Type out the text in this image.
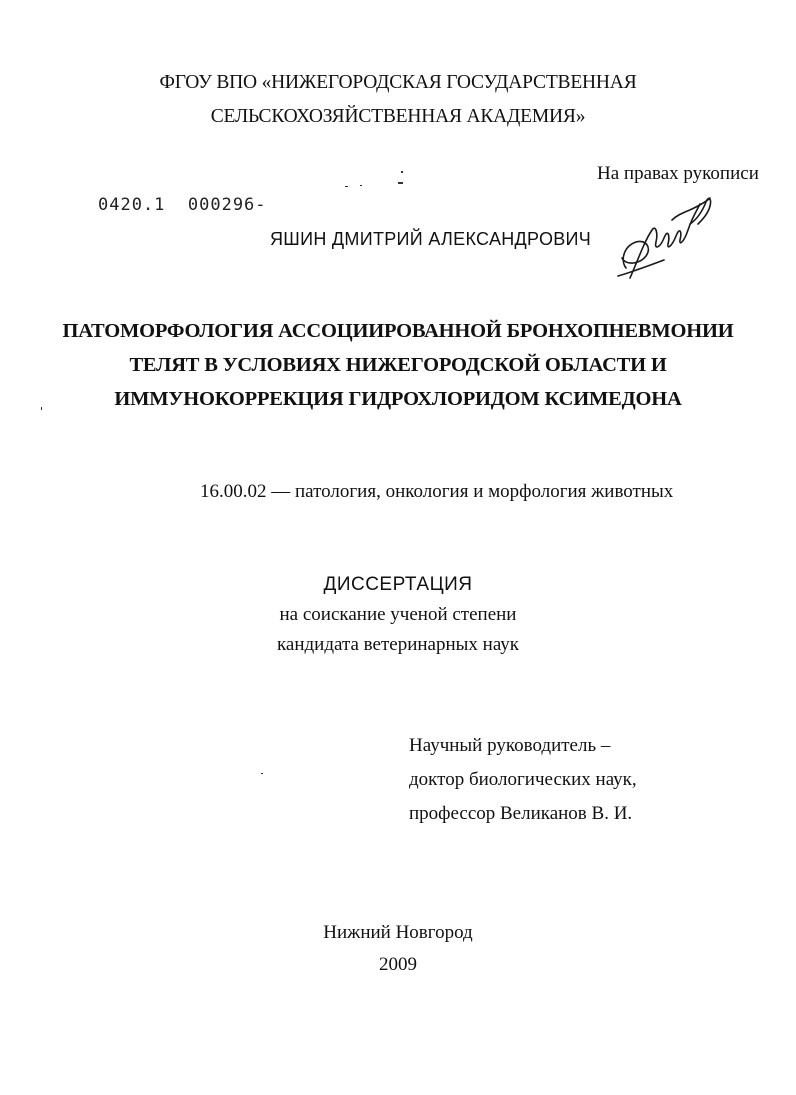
ФГОУ ВПО «НИЖЕГОРОДСКАЯ ГОСУДАРСТВЕННАЯ
СЕЛЬСКОХОЗЯЙСТВЕННАЯ АКАДЕМИЯ»
На правах рукописи
0420.1  000296-
ЯШИН ДМИТРИЙ АЛЕКСАНДРОВИЧ
ПАТОМОРФОЛОГИЯ АССОЦИИРОВАННОЙ БРОНХОПНЕВМОНИИ
ТЕЛЯТ В УСЛОВИЯХ НИЖЕГОРОДСКОЙ ОБЛАСТИ И
ИММУНОКОРРЕКЦИЯ ГИДРОХЛОРИДОМ КСИМЕДОНА
16.00.02 — патология, онкология и морфология животных
ДИССЕРТАЦИЯ
на соискание ученой степени
кандидата ветеринарных наук
Научный руководитель –
доктор биологических наук,
профессор Великанов В. И.
Нижний Новгород
2009
